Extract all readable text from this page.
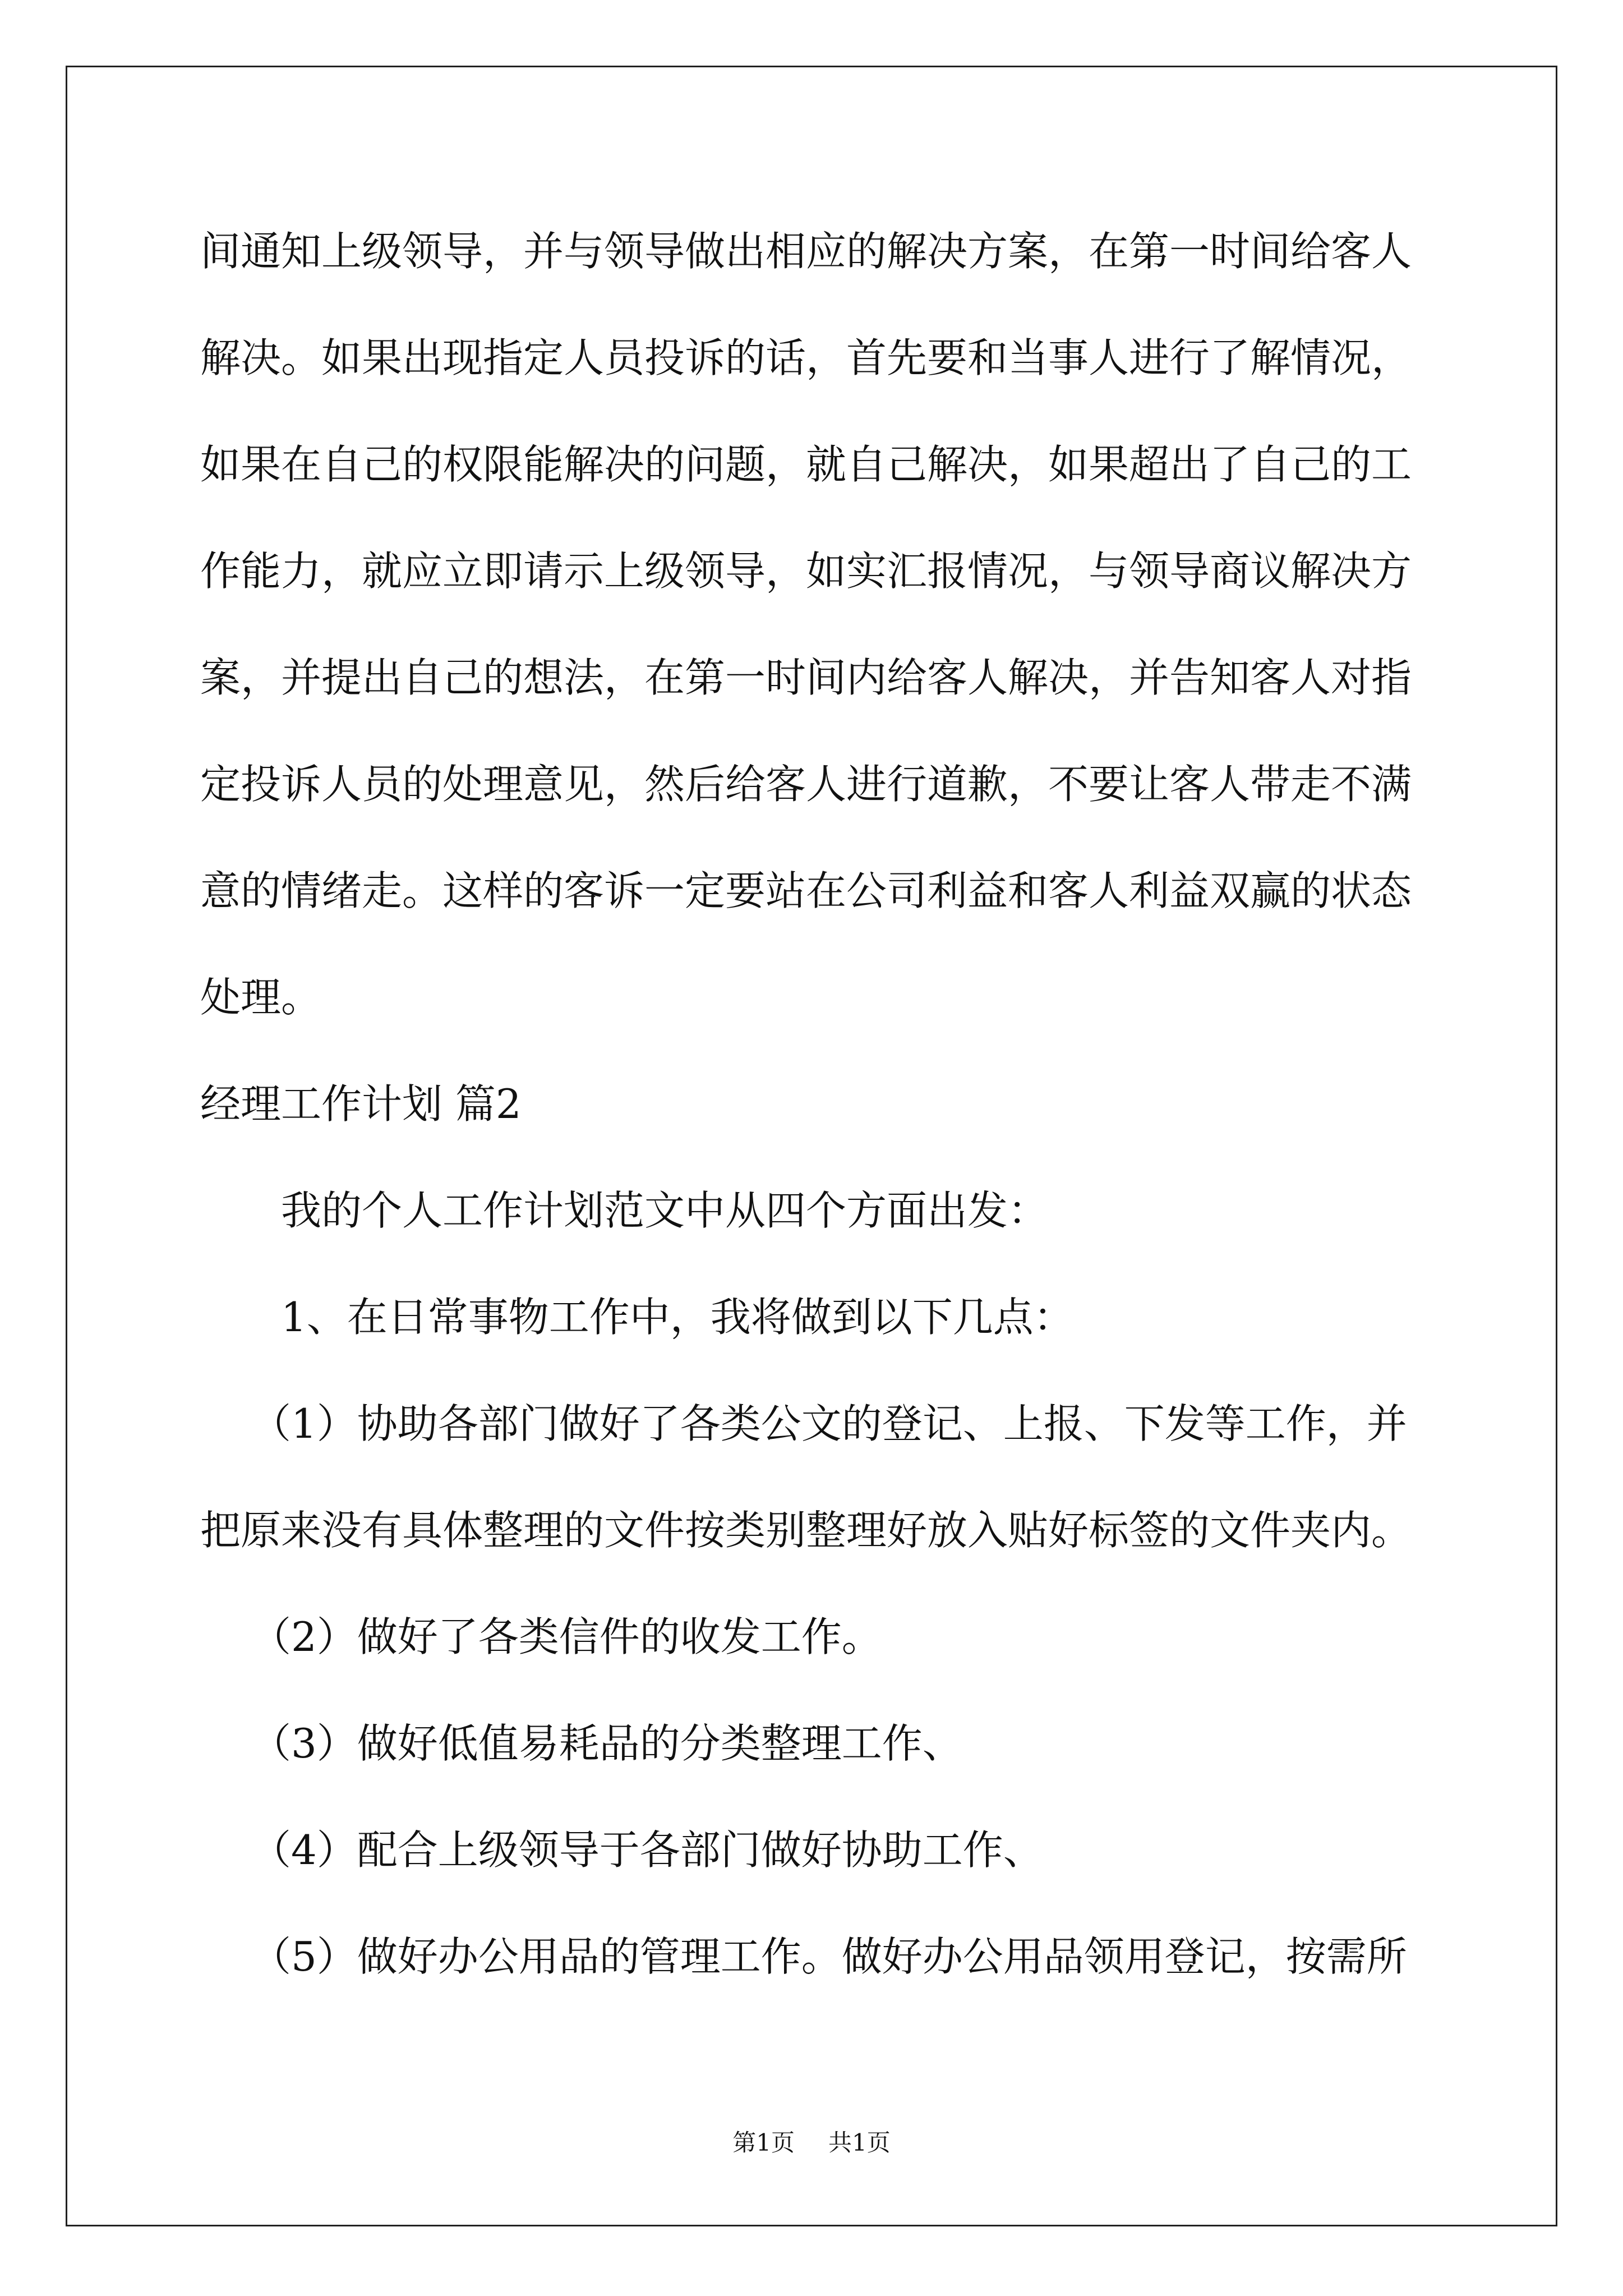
间通知上级领导，并与领导做出相应的解决方案，在第一时间给客人
解决。如果出现指定人员投诉的话，首先要和当事人进行了解情况，
如果在自己的权限能解决的问题，就自己解决，如果超出了自己的工
作能力，就应立即请示上级领导，如实汇报情况，与领导商议解决方
案，并提出自己的想法，在第一时间内给客人解决，并告知客人对指
定投诉人员的处理意见，然后给客人进行道歉，不要让客人带走不满
意的情绪走。这样的客诉一定要站在公司利益和客人利益双赢的状态
处理。
经理工作计划 篇2
我的个人工作计划范文中从四个方面出发：
1、在日常事物工作中，我将做到以下几点：
（1）协助各部门做好了各类公文的登记、上报、下发等工作，并
把原来没有具体整理的文件按类别整理好放入贴好标签的文件夹内。
（2）做好了各类信件的收发工作。
（3）做好低值易耗品的分类整理工作、
（4）配合上级领导于各部门做好协助工作、
（5）做好办公用品的管理工作。做好办公用品领用登记，按需所
第1页 共1页
